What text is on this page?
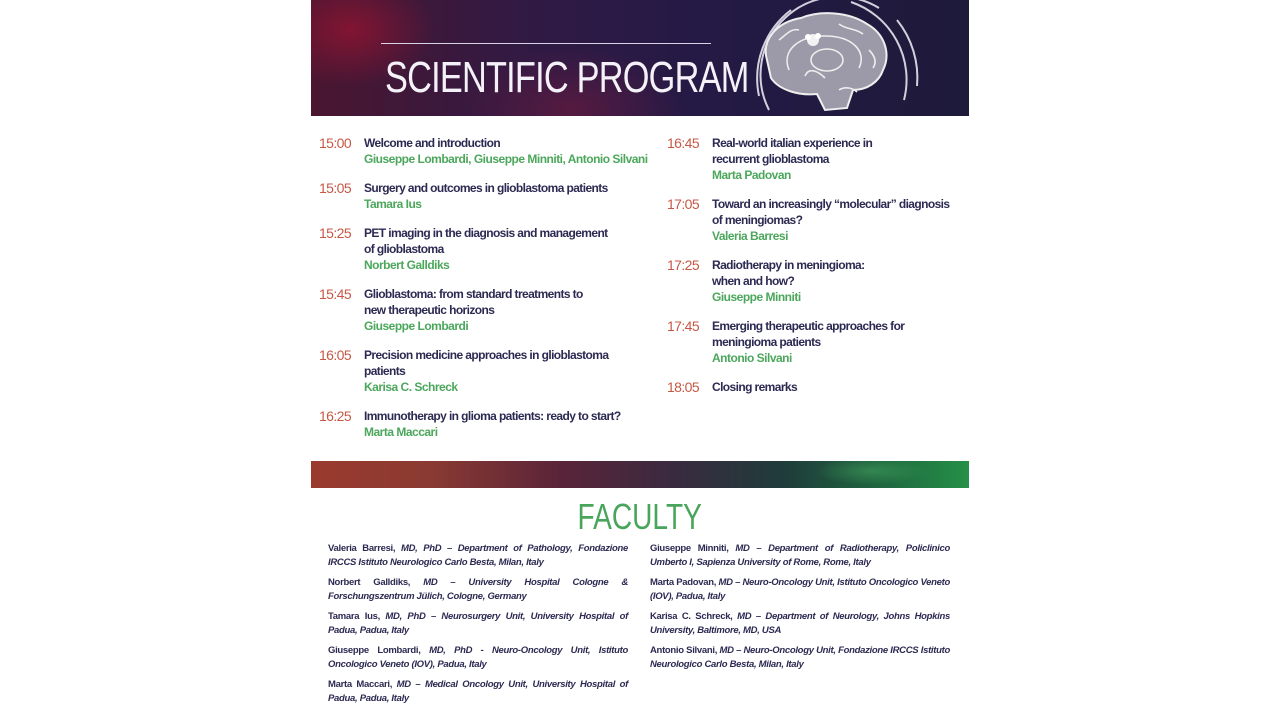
SCIENTIFIC PROGRAM
15:00	Welcome and introduction
Giuseppe Lombardi, Giuseppe Minniti, Antonio Silvani
15:05	Surgery and outcomes in glioblastoma patients
Tamara Ius
15:25	PET imaging in the diagnosis and management
of glioblastoma
Norbert Galldiks
15:45	Glioblastoma: from standard treatments to
new therapeutic horizons
Giuseppe Lombardi
16:05	Precision medicine approaches in glioblastoma patients
Karisa C. Schreck
16:25	Immunotherapy in glioma patients: ready to start?
Marta Maccari
16:45	Real-world italian experience in
recurrent glioblastoma
Marta Padovan
17:05	Toward an increasingly “molecular” diagnosis
of meningiomas?
Valeria Barresi
17:25	Radiotherapy in meningioma:
when and how?
Giuseppe Minniti
17:45	Emerging therapeutic approaches for
meningioma patients
Antonio Silvani
18:05	Closing remarks
FACULTY
Valeria Barresi, MD, PhD – Department of Pathology, Fondazione IRCCS Istituto Neurologico Carlo Besta, Milan, Italy
Norbert Galldiks, MD – University Hospital Cologne & Forschungszentrum Jülich, Cologne, Germany
Tamara Ius, MD, PhD – Neurosurgery Unit, University Hospital of Padua, Padua, Italy
Giuseppe Lombardi, MD, PhD - Neuro-Oncology Unit, Istituto Oncologico Veneto (IOV), Padua, Italy
Marta Maccari, MD – Medical Oncology Unit, University Hospital of Padua, Padua, Italy
Giuseppe Minniti, MD – Department of Radiotherapy, Policlinico Umberto I, Sapienza University of Rome, Rome, Italy
Marta Padovan, MD – Neuro-Oncology Unit, Istituto Oncologico Veneto (IOV), Padua, Italy
Karisa C. Schreck, MD – Department of Neurology, Johns Hopkins University, Baltimore, MD, USA
Antonio Silvani, MD – Neuro-Oncology Unit, Fondazione IRCCS Istituto Neurologico Carlo Besta, Milan, Italy
